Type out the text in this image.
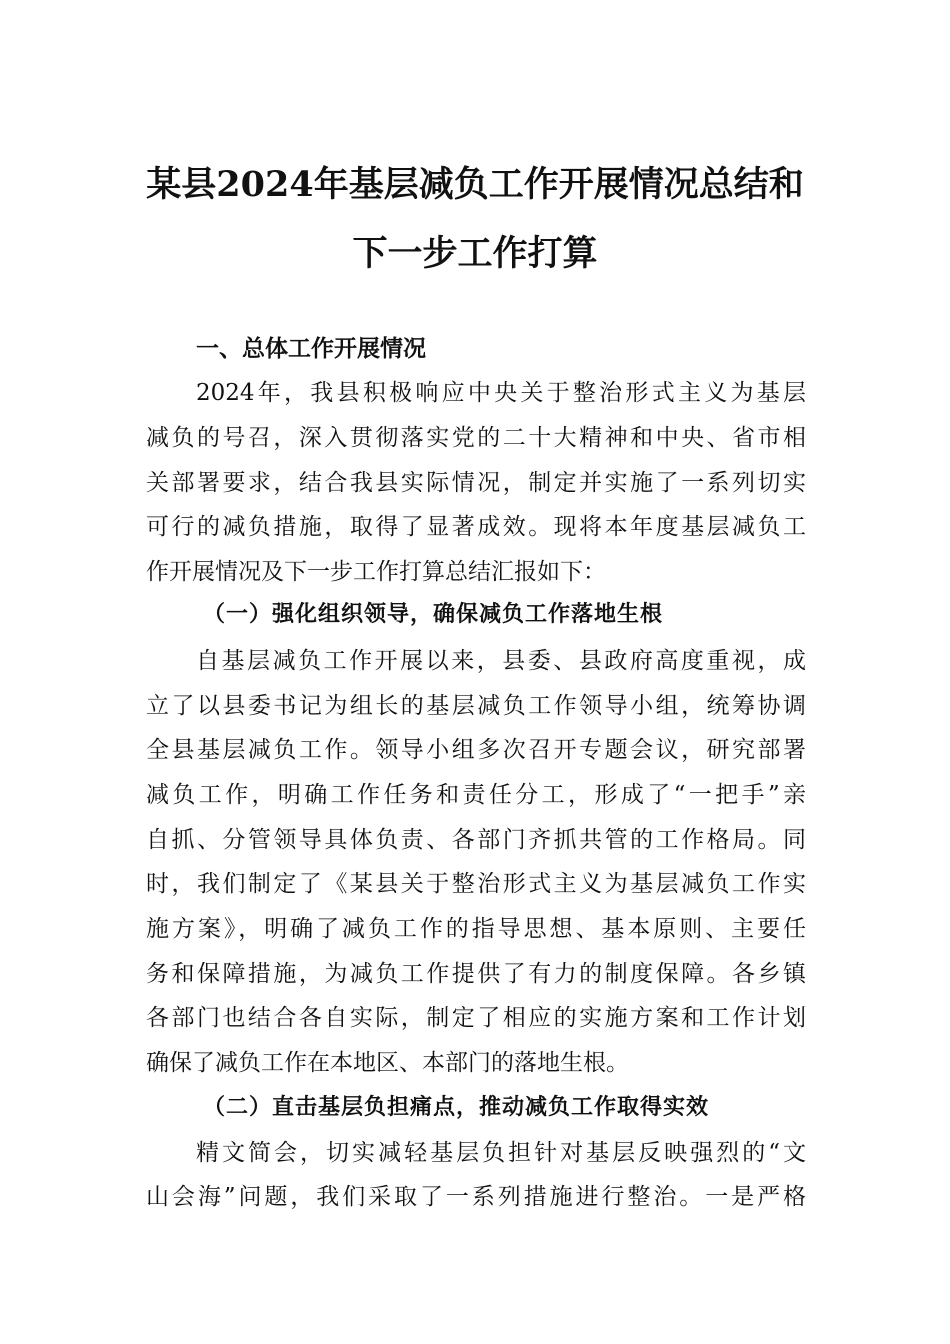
某县2024年基层减负工作开展情况总结和
下一步工作打算
一、总体工作开展情况
2024年，我县积极响应中央关于整治形式主义为基层
减负的号召，深入贯彻落实党的二十大精神和中央、省市相
关部署要求，结合我县实际情况，制定并实施了一系列切实
可行的减负措施，取得了显著成效。现将本年度基层减负工
作开展情况及下一步工作打算总结汇报如下：
（一）强化组织领导，确保减负工作落地生根
自基层减负工作开展以来，县委、县政府高度重视，成
立了以县委书记为组长的基层减负工作领导小组，统筹协调
全县基层减负工作。领导小组多次召开专题会议，研究部署
减负工作，明确工作任务和责任分工，形成了“一把手”亲
自抓、分管领导具体负责、各部门齐抓共管的工作格局。同
时，我们制定了《某县关于整治形式主义为基层减负工作实
施方案》，明确了减负工作的指导思想、基本原则、主要任
务和保障措施，为减负工作提供了有力的制度保障。各乡镇
各部门也结合各自实际，制定了相应的实施方案和工作计划
确保了减负工作在本地区、本部门的落地生根。
（二）直击基层负担痛点，推动减负工作取得实效
精文简会，切实减轻基层负担针对基层反映强烈的“文
山会海”问题，我们采取了一系列措施进行整治。一是严格
